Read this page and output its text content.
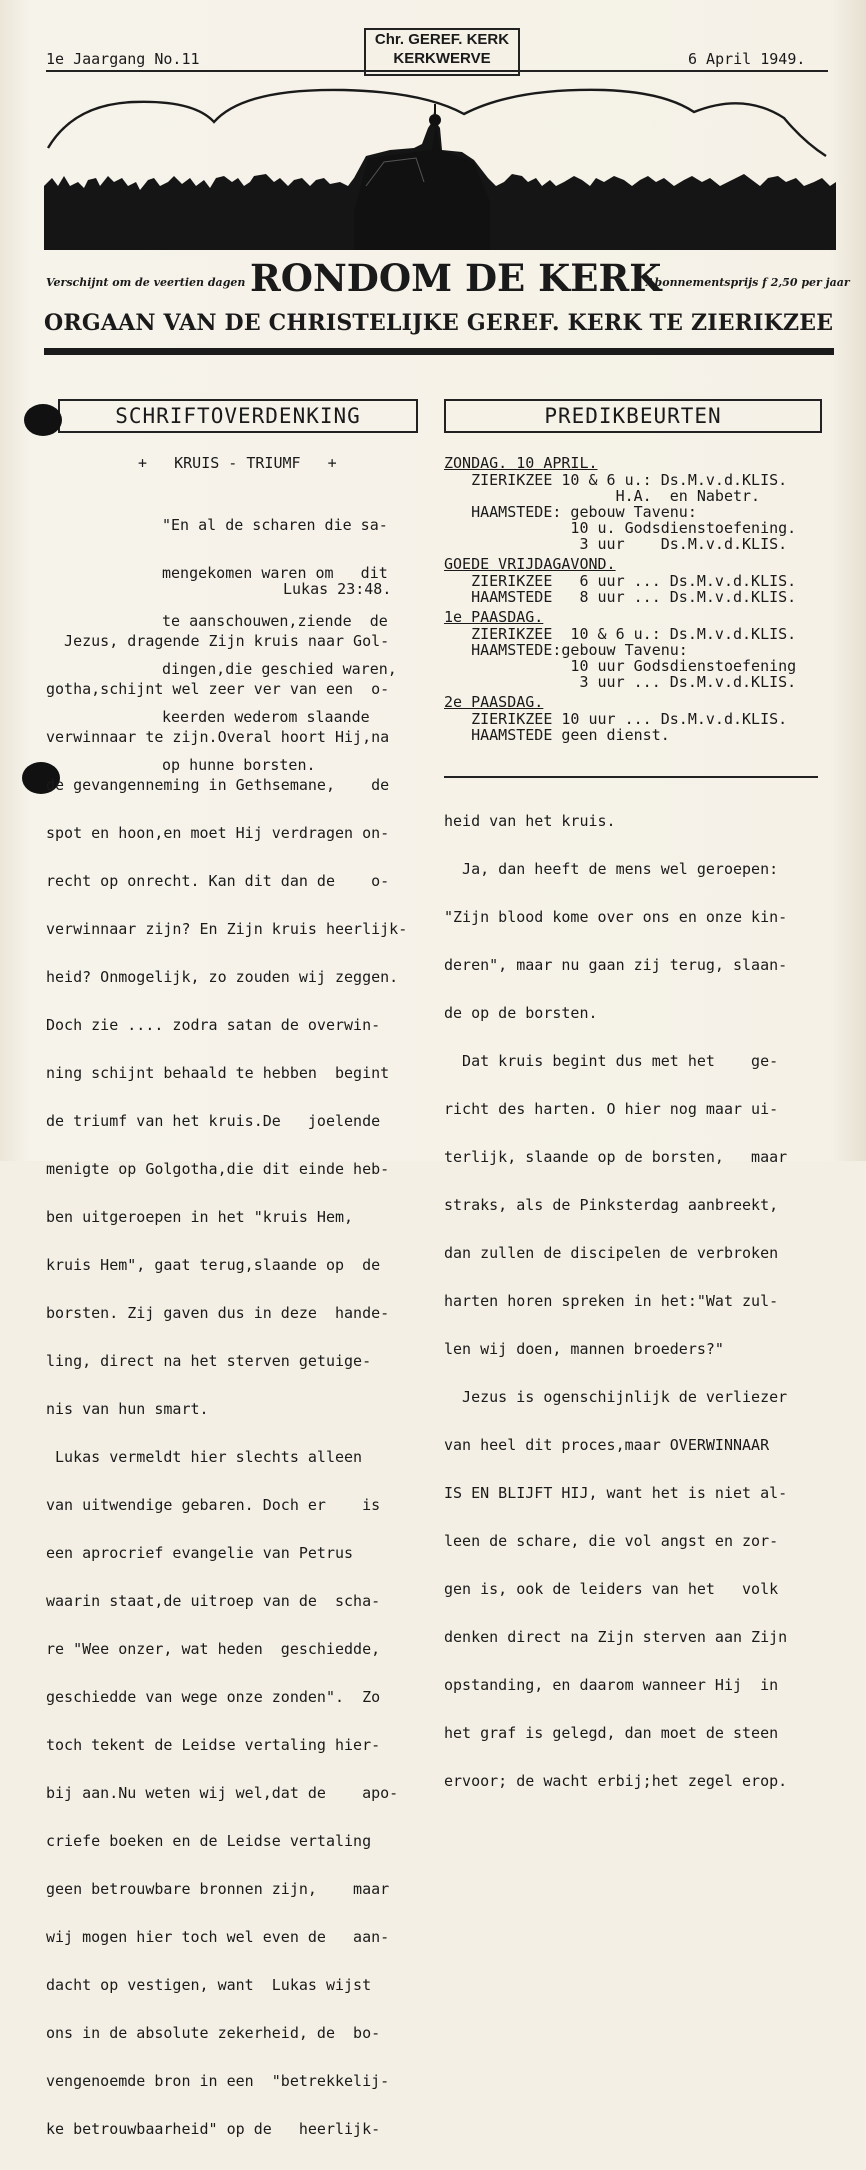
1e Jaargang No.11
Chr. GEREF. KERK
KERKWERVE	6 April 1949.
Verschijnt om de veertien dagen RONDOM DE KERK
Abonnementsprijs f 2,50 per jaar
ORGAAN VAN DE CHRISTELIJKE GEREF. KERK TE ZIERIKZEE
SCHRIFTOVERDENKING	PREDIKBEURTEN
+   KRUIS - TRIUMF   +

"En al de scharen die sa-

mengekomen waren om   dit

te aanschouwen,ziende  de

dingen,die geschied waren,

keerden wederom slaande

op hunne borsten.

Lukas 23:48.

Jezus, dragende Zijn kruis naar Gol-

gotha,schijnt wel zeer ver van een  o-

verwinnaar te zijn.Overal hoort Hij,na

de gevangenneming in Gethsemane,    de

spot en hoon,en moet Hij verdragen on-

recht op onrecht. Kan dit dan de    o-

verwinnaar zijn? En Zijn kruis heerlijk-

heid? Onmogelijk, zo zouden wij zeggen.

Doch zie .... zodra satan de overwin-

ning schijnt behaald te hebben  begint

de triumf van het kruis.De   joelende

menigte op Golgotha,die dit einde heb-

ben uitgeroepen in het "kruis Hem,

kruis Hem", gaat terug,slaande op  de

borsten. Zij gaven dus in deze  hande-

ling, direct na het sterven getuige-

nis van hun smart.

Lukas vermeldt hier slechts alleen

van uitwendige gebaren. Doch er    is

een aprocrief evangelie van Petrus

waarin staat,de uitroep van de  scha-

re "Wee onzer, wat heden  geschiedde,

geschiedde van wege onze zonden".  Zo

toch tekent de Leidse vertaling hier-

bij aan.Nu weten wij wel,dat de    apo-

criefe boeken en de Leidse vertaling

geen betrouwbare bronnen zijn,    maar

wij mogen hier toch wel even de   aan-

dacht op vestigen, want  Lukas wijst

ons in de absolute zekerheid, de  bo-

vengenoemde bron in een  "betrekkelij-

ke betrouwbaarheid" op de   heerlijk-

ZONDAG. 10 APRIL.
ZIERIKZEE 10 & 6 u.: Ds.M.v.d.KLIS.
H.A.  en Nabetr.
HAAMSTEDE: gebouw Tavenu:
10 u. Godsdienstoefening.
3 uur    Ds.M.v.d.KLIS.
GOEDE VRIJDAGAVOND.
ZIERIKZEE   6 uur ... Ds.M.v.d.KLIS.
HAAMSTEDE   8 uur ... Ds.M.v.d.KLIS.
1e PAASDAG.
ZIERIKZEE  10 & 6 u.: Ds.M.v.d.KLIS.
HAAMSTEDE:gebouw Tavenu:
10 uur Godsdienstoefening
3 uur ... Ds.M.v.d.KLIS.
2e PAASDAG.
ZIERIKZEE 10 uur ... Ds.M.v.d.KLIS.
HAAMSTEDE geen dienst.

heid van het kruis.

Ja, dan heeft de mens wel geroepen:

"Zijn blood kome over ons en onze kin-

deren", maar nu gaan zij terug, slaan-

de op de borsten.

Dat kruis begint dus met het    ge-

richt des harten. O hier nog maar ui-

terlijk, slaande op de borsten,   maar

straks, als de Pinksterdag aanbreekt,

dan zullen de discipelen de verbroken

harten horen spreken in het:"Wat zul-

len wij doen, mannen broeders?"

Jezus is ogenschijnlijk de verliezer

van heel dit proces,maar OVERWINNAAR

IS EN BLIJFT HIJ, want het is niet al-

leen de schare, die vol angst en zor-

gen is, ook de leiders van het   volk

denken direct na Zijn sterven aan Zijn

opstanding, en daarom wanneer Hij  in

het graf is gelegd, dan moet de steen

ervoor; de wacht erbij;het zegel erop.
